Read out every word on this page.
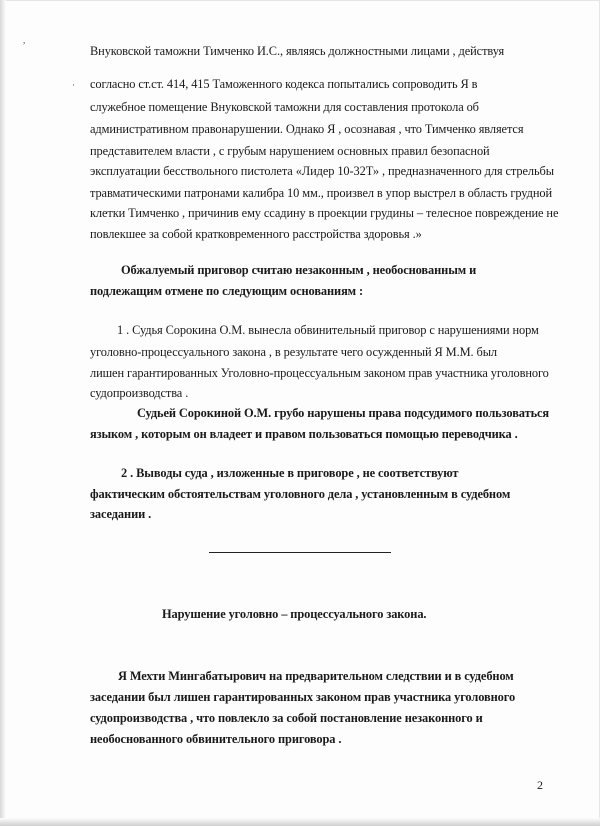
,
·
Внуковской таможни Тимченко И.С., являясь должностными лицами , действуя
согласно ст.ст. 414, 415 Таможенного кодекса попытались сопроводить Я в
служебное помещение Внуковской таможни для составления протокола об
административном правонарушении. Однако Я , осознавая , что Тимченко является
представителем власти , с грубым нарушением основных правил безопасной
эксплуатации бесствольного пистолета «Лидер 10-32Т» , предназначенного для стрельбы
травматическими патронами калибра 10 мм., произвел в упор выстрел в область грудной
клетки Тимченко , причинив ему ссадину в проекции грудины – телесное повреждение не
повлекшее за собой кратковременного расстройства здоровья .»
Обжалуемый приговор считаю незаконным , необоснованным и
подлежащим отмене по следующим основаниям :
1 . Судья Сорокина О.М. вынесла обвинительный приговор с нарушениями норм
уголовно-процессуального закона , в результате чего осужденный Я М.М. был
лишен гарантированных Уголовно-процессуальным законом прав участника уголовного
судопроизводства .
Судьей Сорокиной О.М. грубо нарушены права подсудимого пользоваться
языком , которым он владеет и правом пользоваться помощью переводчика .
2 . Выводы суда , изложенные в приговоре , не соответствуют
фактическим обстоятельствам уголовного дела , установленным в судебном
заседании .
Нарушение уголовно – процессуального закона.
Я Мехти Мингабатырович на предварительном следствии и в судебном
заседании был лишен гарантированных законом прав участника уголовного
судопроизводства , что повлекло за собой постановление незаконного и
необоснованного обвинительного приговора .
2
